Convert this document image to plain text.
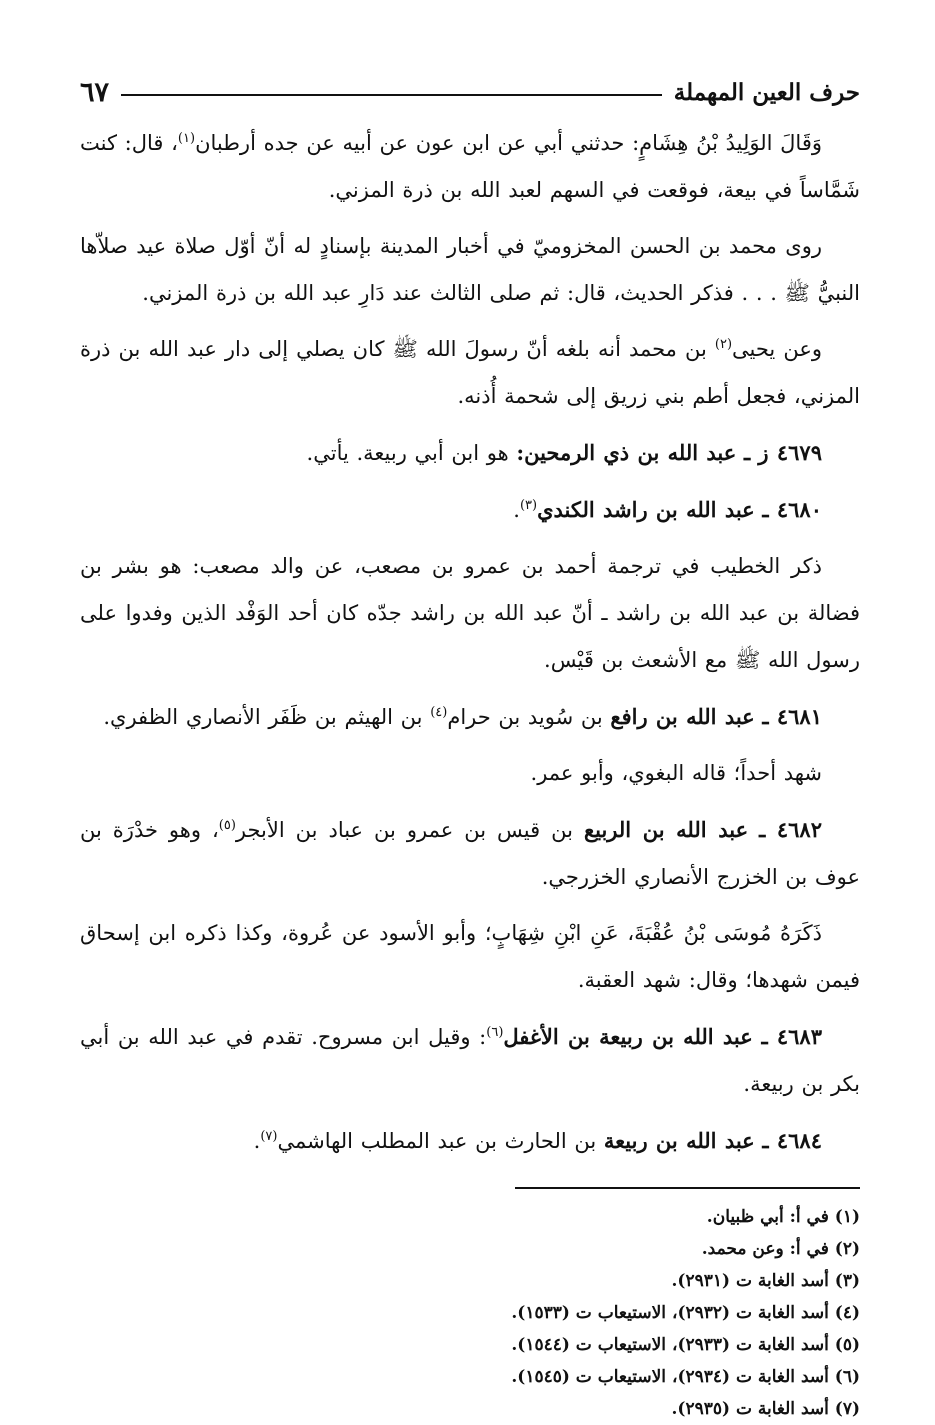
حرف العين المهملة
٦٧

وَقَالَ الوَلِيدُ بْنُ هِشَامٍ: حدثني أبي عن ابن عون عن أبيه عن جده أرطبان$^{(١)}$، قال: كنت شَمَّاساً في بيعة، فوقعت في السهم لعبد الله بن ذرة المزني.

روى محمد بن الحسن المخزوميّ في أخبار المدينة بإسنادٍ له أنّ أوّل صلاة عيد صلاّها النبيُّ ﷺ . . . فذكر الحديث، قال: ثم صلى الثالث عند دَارِ عبد الله بن ذرة المزني.

وعن يحيى$^{(٢)}$ بن محمد أنه بلغه أنّ رسولَ الله ﷺ كان يصلي إلى دار عبد الله بن ذرة المزني، فجعل أطم بني زريق إلى شحمة أُذنه.

٤٦٧٩ ز ـ عبد الله بن ذي الرمحين: هو ابن أبي ربيعة. يأتي.

٤٦٨٠ ـ عبد الله بن راشد الكندي$^{(٣)}$.

ذكر الخطيب في ترجمة أحمد بن عمرو بن مصعب، عن والد مصعب: هو بشر بن فضالة بن عبد الله بن راشد ـ أنّ عبد الله بن راشد جدّه كان أحد الوَفْد الذين وفدوا على رسول الله ﷺ مع الأشعث بن قَيْس.

٤٦٨١ ـ عبد الله بن رافع بن سُويد بن حرام$^{(٤)}$ بن الهيثم بن ظَفَر الأنصاري الظفري.

شهد أحداً؛ قاله البغوي، وأبو عمر.

٤٦٨٢ ـ عبد الله بن الربيع بن قيس بن عمرو بن عباد بن الأبجر$^{(٥)}$، وهو خدْرَة بن عوف بن الخزرج الأنصاري الخزرجي.

ذَكَرَهُ مُوسَى بْنُ عُقْبَةَ، عَنِ ابْنِ شِهَابٍ؛ وأبو الأسود عن عُروة، وكذا ذكره ابن إسحاق فيمن شهدها؛ وقال: شهد العقبة.

٤٦٨٣ ـ عبد الله بن ربيعة بن الأغفل$^{(٦)}$: وقيل ابن مسروح. تقدم في عبد الله بن أبي بكر بن ربيعة.

٤٦٨٤ ـ عبد الله بن ربيعة بن الحارث بن عبد المطلب الهاشمي$^{(٧)}$.

(١) في أ: أبي ظبيان.

(٢) في أ: وعن محمد.

(٣) أسد الغابة ت (٢٩٣١).

(٤) أسد الغابة ت (٢٩٣٢)، الاستيعاب ت (١٥٣٣).

(٥) أسد الغابة ت (٢٩٣٣)، الاستيعاب ت (١٥٤٤).

(٦) أسد الغابة ت (٢٩٣٤)، الاستيعاب ت (١٥٤٥).

(٧) أسد الغابة ت (٢٩٣٥).
